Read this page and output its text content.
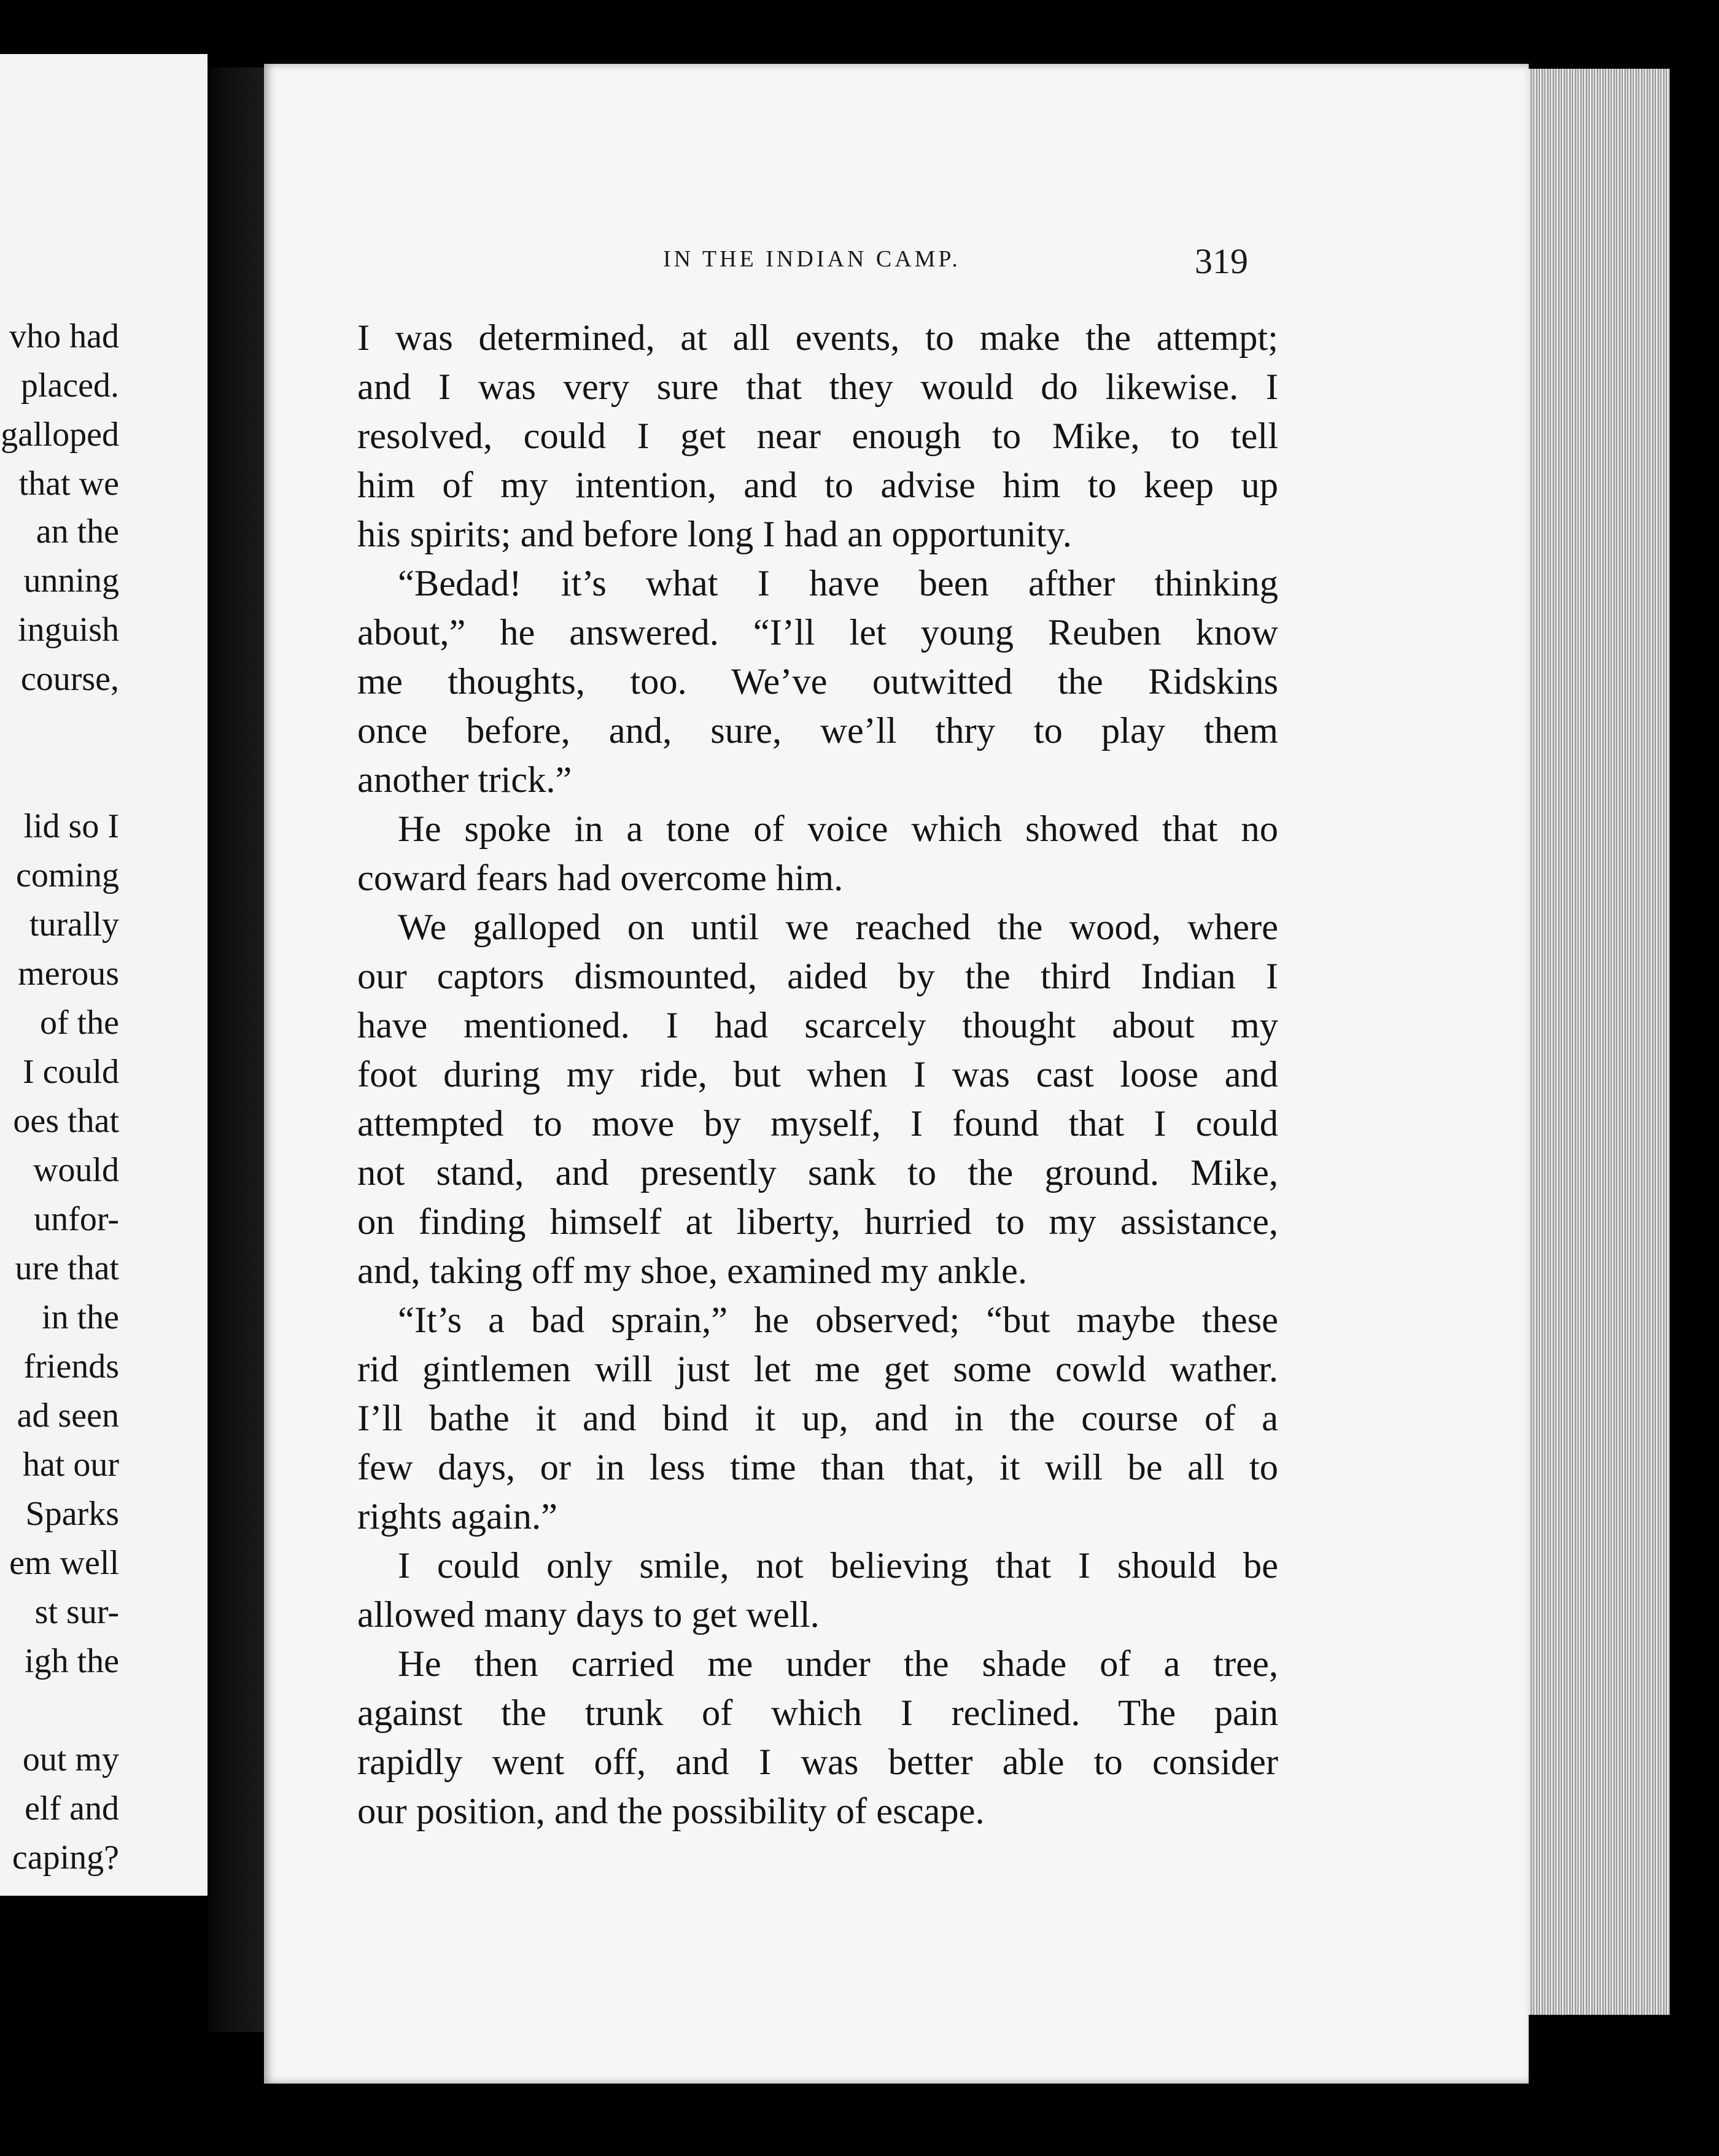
vho had
placed.
galloped
that we
an the
unning
inguish
course,
lid so I
coming
turally
merous
of the
I could
oes that
would
unfor-
ure that
in the
friends
ad seen
hat our
Sparks
em well
st sur-
igh the
out my
elf and
caping?
IN THE INDIAN CAMP.	319
I was determined, at all events, to make the attempt;
and I was very sure that they would do likewise. I
resolved, could I get near enough to Mike, to tell
him of my intention, and to advise him to keep up
his spirits; and before long I had an opportunity.
“Bedad! it’s what I have been afther thinking
about,” he answered. “I’ll let young Reuben know
me thoughts, too. We’ve outwitted the Ridskins
once before, and, sure, we’ll thry to play them
another trick.”
He spoke in a tone of voice which showed that no
coward fears had overcome him.
We galloped on until we reached the wood, where
our captors dismounted, aided by the third Indian I
have mentioned. I had scarcely thought about my
foot during my ride, but when I was cast loose and
attempted to move by myself, I found that I could
not stand, and presently sank to the ground. Mike,
on finding himself at liberty, hurried to my assistance,
and, taking off my shoe, examined my ankle.
“It’s a bad sprain,” he observed; “but maybe these
rid gintlemen will just let me get some cowld wather.
I’ll bathe it and bind it up, and in the course of a
few days, or in less time than that, it will be all to
rights again.”
I could only smile, not believing that I should be
allowed many days to get well.
He then carried me under the shade of a tree,
against the trunk of which I reclined. The pain
rapidly went off, and I was better able to consider
our position, and the possibility of escape.
